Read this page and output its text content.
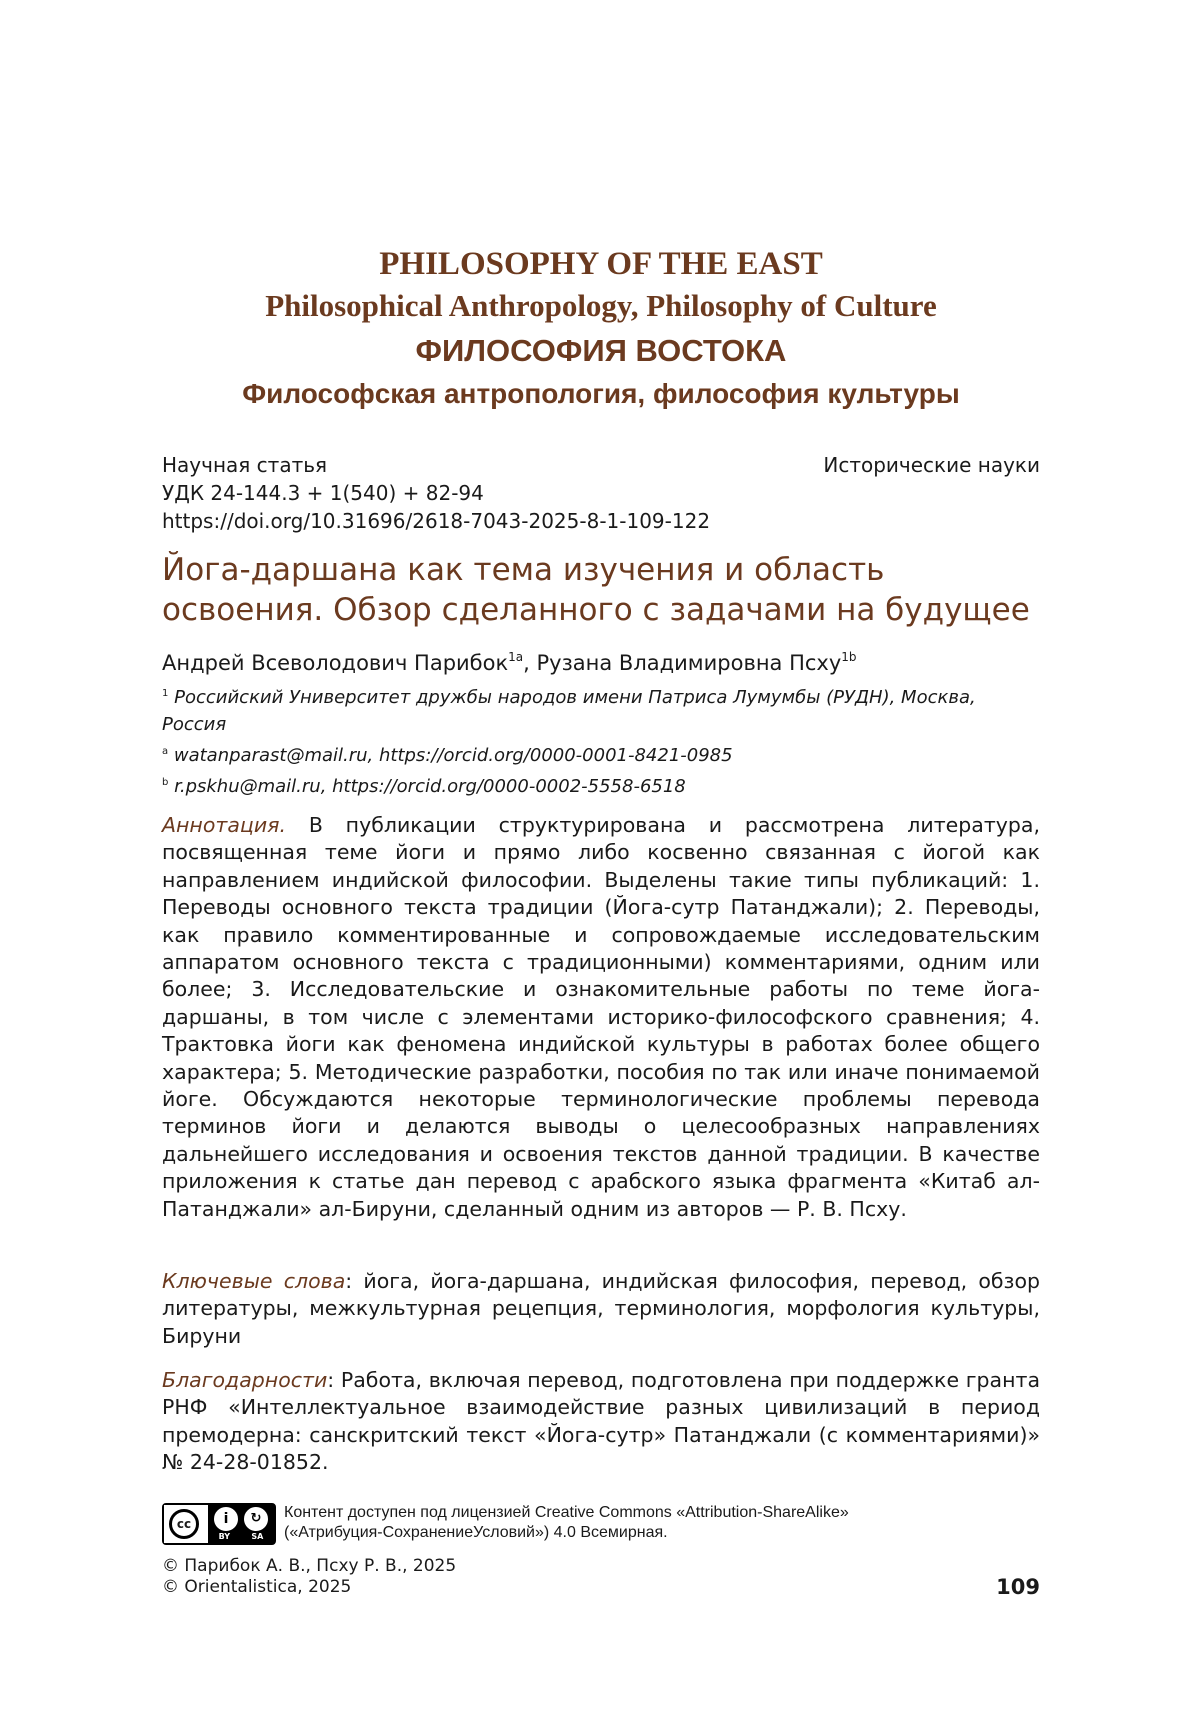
PHILOSOPHY OF THE EAST
Philosophical Anthropology, Philosophy of Culture
ФИЛОСОФИЯ ВОСТОКА
Философская антропология, философия культуры
Научная статья	Исторические науки
УДК 24-144.3 + 1(540) + 82-94
https://doi.org/10.31696/2618-7043-2025-8-1-109-122
Йога-даршана как тема изучения и область
освоения. Обзор сделанного с задачами на будущее
Андрей Всеволодович Парибок$^{1a}$, Рузана Владимировна Псху$^{1b}$
$^1$ Российский Университет дружбы народов имени Патриса Лумумбы (РУДН), Москва, Россия
$^a$ watanparast@mail.ru, https://orcid.org/0000-0001-8421-0985
$^b$ r.pskhu@mail.ru, https://orcid.org/0000-0002-5558-6518
Аннотация. В публикации структурирована и рассмотрена литература, посвященная теме йоги и прямо либо косвенно связанная с йогой как направлением индийской философии. Выделены такие типы публикаций: 1. Переводы основного текста традиции (Йога-сутр Патанджали); 2. Переводы, как правило комментированные и сопровождаемые исследовательским аппаратом основного текста с традиционными) комментариями, одним или более; 3. Исследовательские и ознакомительные работы по теме йога-даршаны, в том числе с элементами историко-философского сравнения; 4. Трактовка йоги как феномена индийской культуры в работах более общего характера; 5. Методические разработки, пособия по так или иначе понимаемой йоге. Обсуждаются некоторые терминологические проблемы перевода терминов йоги и делаются выводы о целесообразных направлениях дальнейшего исследования и освоения текстов данной традиции. В качестве приложения к статье дан перевод с арабского языка фрагмента «Китаб ал-Патанджали» ал-Бируни, сделанный одним из авторов — Р. В. Псху.
Ключевые слова: йога, йога-даршана, индийская философия, перевод, обзор литературы, межкультурная рецепция, терминология, морфология культуры, Бируни
Благодарности: Работа, включая перевод, подготовлена при поддержке гранта РНФ «Интеллектуальное взаимодействие разных цивилизаций в период премодерна: санскритский текст «Йога-сутр» Патанджали (с комментариями)» № 24-28-01852.
cc	i	↻
BY	SA
Контент доступен под лицензией Creative Commons «Attribution-ShareAlike»
(«Атрибуция-СохранениеУсловий») 4.0 Всемирная.
© Парибок А. В., Псху Р. В., 2025
© Orientalistica, 2025	109
